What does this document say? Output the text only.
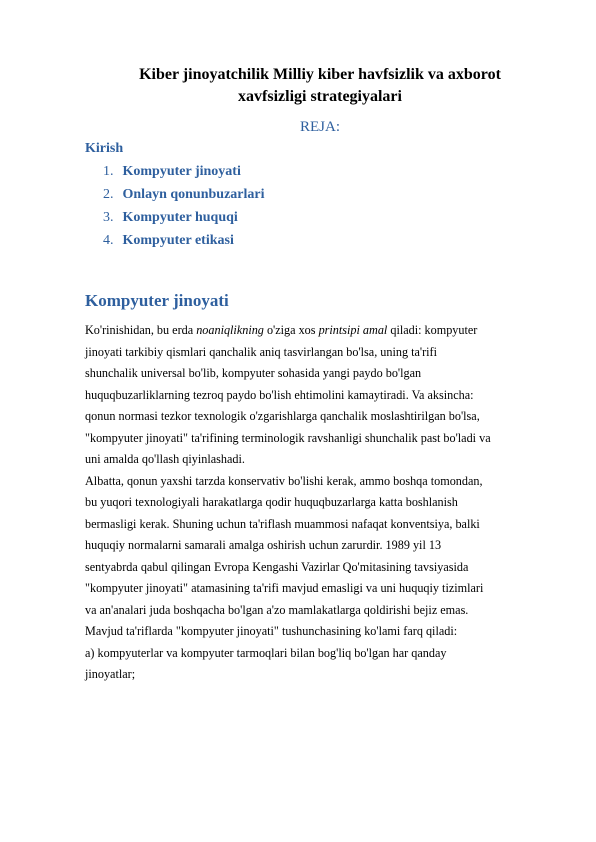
Kiber jinoyatchilik Milliy kiber havfsizlik va axborot
xavfsizligi strategiyalari
REJA:
Kirish
1. Kompyuter jinoyati
2. Onlayn qonunbuzarlari
3. Kompyuter huquqi
4. Kompyuter etikasi
Kompyuter jinoyati
Ko'rinishidan, bu erda noaniqlikning o'ziga xos printsipi amal qiladi: kompyuter
jinoyati tarkibiy qismlari qanchalik aniq tasvirlangan bo'lsa, uning ta'rifi
shunchalik universal bo'lib, kompyuter sohasida yangi paydo bo'lgan
huquqbuzarliklarning tezroq paydo bo'lish ehtimolini kamaytiradi. Va aksincha:
qonun normasi tezkor texnologik o'zgarishlarga qanchalik moslashtirilgan bo'lsa,
"kompyuter jinoyati" ta'rifining terminologik ravshanligi shunchalik past bo'ladi va
uni amalda qo'llash qiyinlashadi.
Albatta, qonun yaxshi tarzda konservativ bo'lishi kerak, ammo boshqa tomondan,
bu yuqori texnologiyali harakatlarga qodir huquqbuzarlarga katta boshlanish
bermasligi kerak. Shuning uchun ta'riflash muammosi nafaqat konventsiya, balki
huquqiy normalarni samarali amalga oshirish uchun zarurdir. 1989 yil 13
sentyabrda qabul qilingan Evropa Kengashi Vazirlar Qo'mitasining tavsiyasida
"kompyuter jinoyati" atamasining ta'rifi mavjud emasligi va uni huquqiy tizimlari
va an'analari juda boshqacha bo'lgan a'zo mamlakatlarga qoldirishi bejiz emas.
Mavjud ta'riflarda "kompyuter jinoyati" tushunchasining ko'lami farq qiladi:
a) kompyuterlar va kompyuter tarmoqlari bilan bog'liq bo'lgan har qanday
jinoyatlar;
